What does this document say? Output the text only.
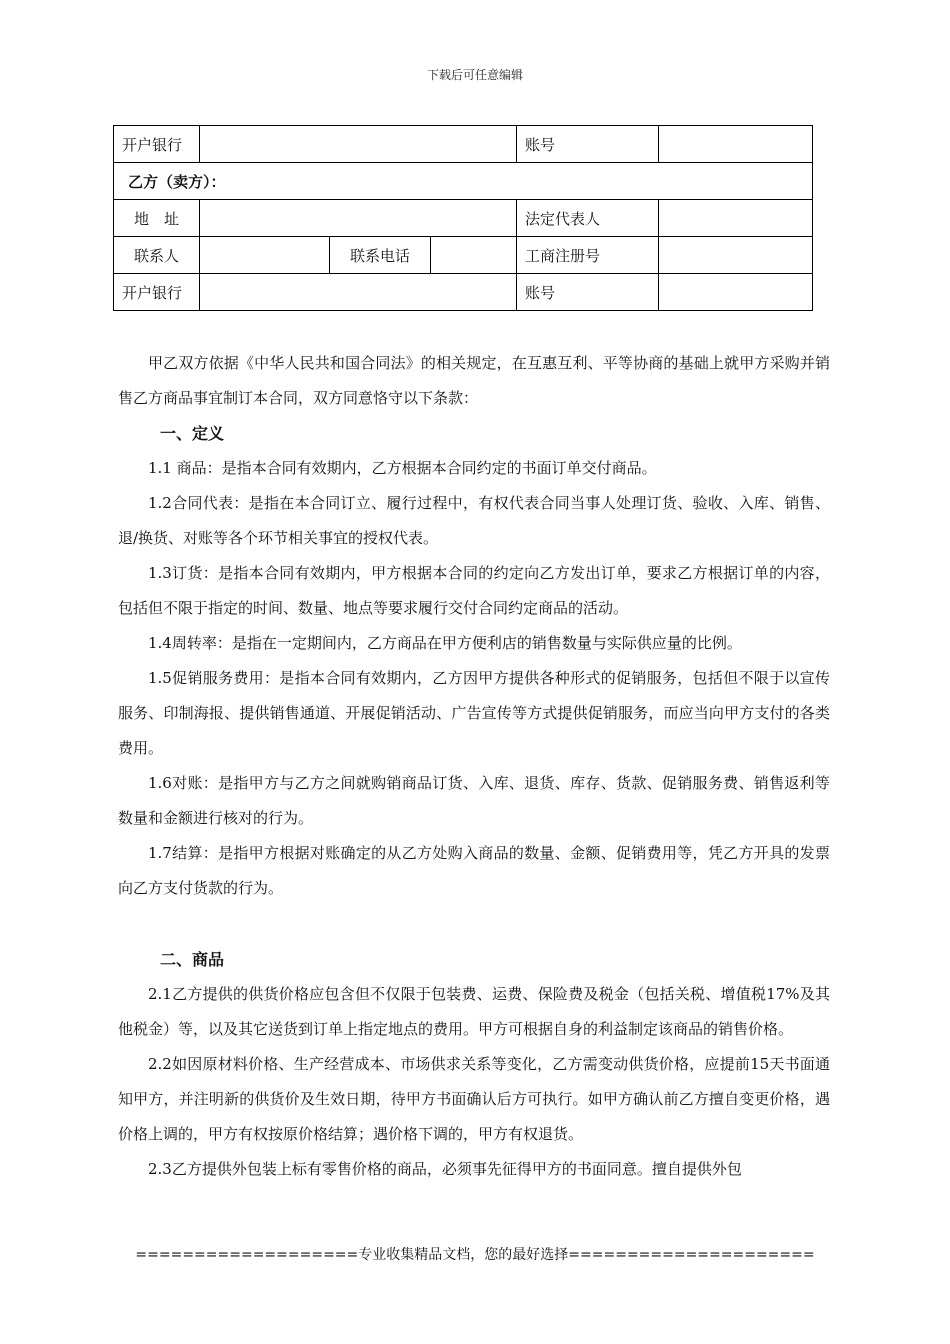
下载后可任意编辑
开户银行				账号	
乙方（卖方）：					
地　址				法定代表人	
联系人		联系电话		工商注册号	
开户银行				账号	

甲乙双方依据《中华人民共和国合同法》的相关规定，在互惠互利、平等协商的基础上就甲方采购并销售乙方商品事宜制订本合同，双方同意恪守以下条款：

一、定义

1.1 商品：是指本合同有效期内，乙方根据本合同约定的书面订单交付商品。

1.2合同代表：是指在本合同订立、履行过程中，有权代表合同当事人处理订货、验收、入库、销售、退/换货、对账等各个环节相关事宜的授权代表。

1.3订货：是指本合同有效期内，甲方根据本合同的约定向乙方发出订单，要求乙方根据订单的内容，包括但不限于指定的时间、数量、地点等要求履行交付合同约定商品的活动。

1.4周转率：是指在一定期间内，乙方商品在甲方便利店的销售数量与实际供应量的比例。

1.5促销服务费用：是指本合同有效期内，乙方因甲方提供各种形式的促销服务，包括但不限于以宣传服务、印制海报、提供销售通道、开展促销活动、广告宣传等方式提供促销服务，而应当向甲方支付的各类费用。

1.6对账：是指甲方与乙方之间就购销商品订货、入库、退货、库存、货款、促销服务费、销售返利等数量和金额进行核对的行为。

1.7结算：是指甲方根据对账确定的从乙方处购入商品的数量、金额、促销费用等，凭乙方开具的发票向乙方支付货款的行为。

二、商品

2.1乙方提供的供货价格应包含但不仅限于包装费、运费、保险费及税金（包括关税、增值税17%及其他税金）等，以及其它送货到订单上指定地点的费用。甲方可根据自身的利益制定该商品的销售价格。

2.2如因原材料价格、生产经营成本、市场供求关系等变化，乙方需变动供货价格，应提前15天书面通知甲方，并注明新的供货价及生效日期，待甲方书面确认后方可执行。如甲方确认前乙方擅自变更价格，遇价格上调的，甲方有权按原价格结算；遇价格下调的，甲方有权退货。

2.3乙方提供外包装上标有零售价格的商品，必须事先征得甲方的书面同意。擅自提供外包

===================专业收集精品文档，您的最好选择=====================
